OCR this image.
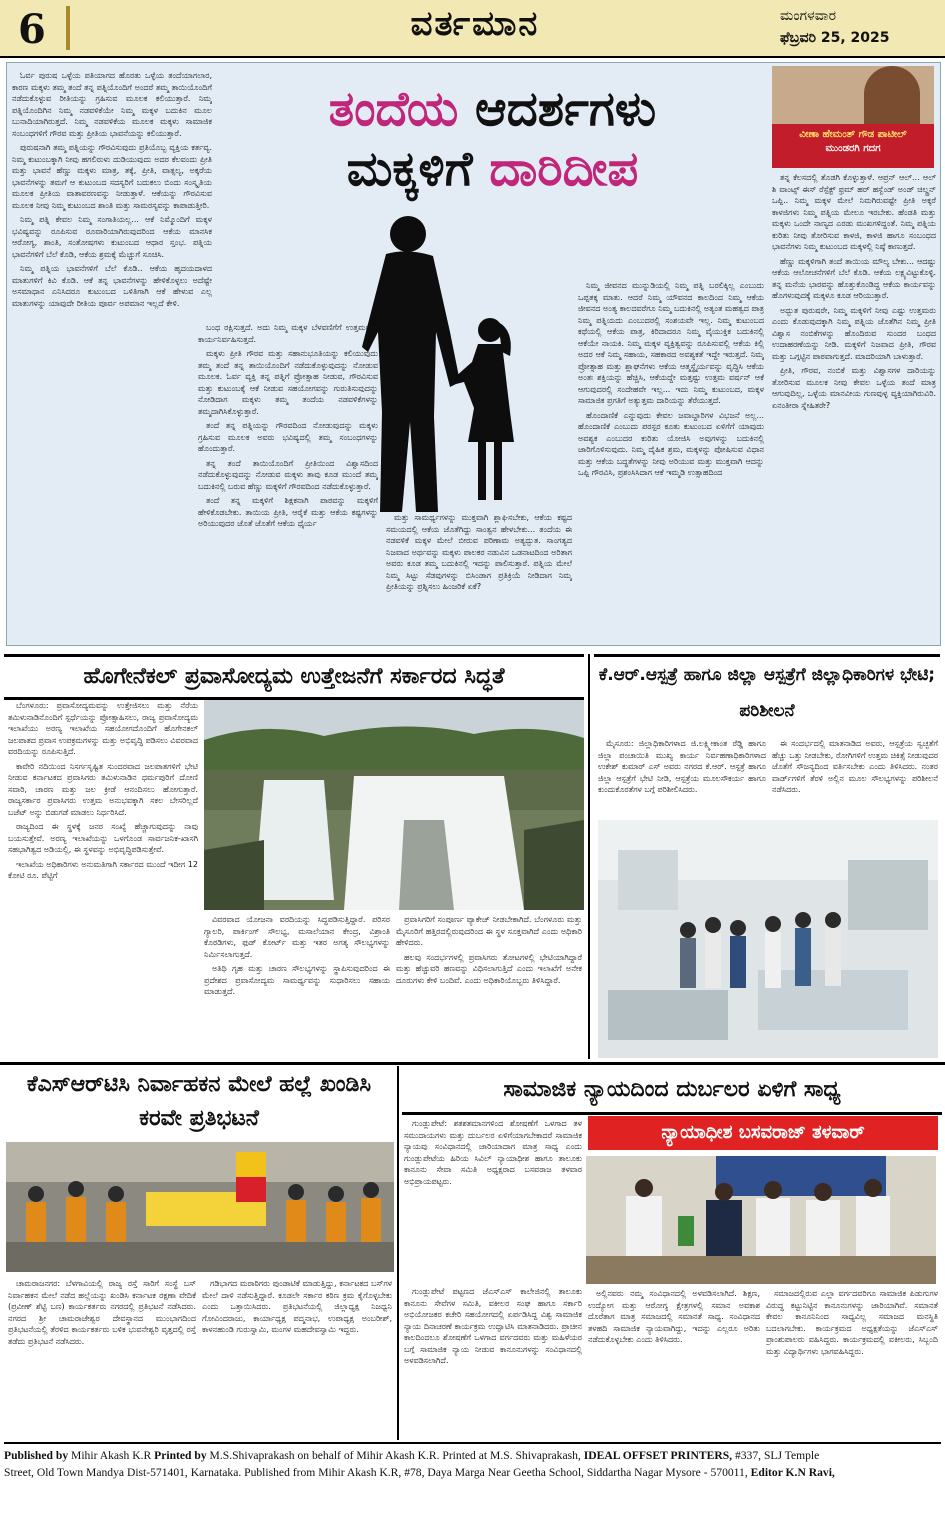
6	ವರ್ತಮಾನ	ಮಂಗಳವಾರ
ಫೆಬ್ರವರಿ 25, 2025
ತಂದೆಯ ಆದರ್ಶಗಳು
ಮಕ್ಕಳಿಗೆ ದಾರಿದೀಪ
ವೀಣಾ ಹೇಮಂತ್ ಗೌಡ ಪಾಟೀಲ್
ಮುಂಡರಗಿ ಗದಗ

ಓರ್ವ ಪುರುಷ ಒಳ್ಳೆಯ ಪತಿಯಾಗದ ಹೊರತು ಒಳ್ಳೆಯ ತಂದೆಯಾಗಲಾರ, ಕಾರಣ ಮಕ್ಕಳು ತಮ್ಮ ತಂದೆ ತನ್ನ ಪತ್ನಿಯೊಂದಿಗೆ ಅಂದರೆ ತಮ್ಮ ತಾಯಿಯೊಂದಿಗೆ ನಡೆದುಕೊಳ್ಳುವ ರೀತಿಯನ್ನು ಗ್ರಹಿಸುವ ಮೂಲಕ ಕಲಿಯುತ್ತಾರೆ. ನಿಮ್ಮ ಪತ್ನಿಯೊಂದಿಗಿನ ನಿಮ್ಮ ನಡವಳಿಕೆಯೇ ನಿಮ್ಮ ಮಕ್ಕಳ ಬದುಕಿನ ಮೂಲ ಬುನಾದಿಯಾಗಿರುತ್ತದೆ. ನಿಮ್ಮ ನಡವಳಿಕೆಯ ಮೂಲಕ ಮಕ್ಕಳು ಸಾಮಾಜಿಕ ಸಂಬಂಧಗಳಿಗೆ ಗೌರವ ಮತ್ತು ಪ್ರೀತಿಯ ಭಾವನೆಯನ್ನು ಕಲಿಯುತ್ತಾರೆ.

ಪುರುಷನಾಗಿ ತಮ್ಮ ಪತ್ನಿಯನ್ನು ಗೌರವಿಸುವುದು ಪ್ರತಿಯೊಬ್ಬ ವ್ಯಕ್ತಿಯ ಕರ್ತವ್ಯ. ನಿಮ್ಮ ಕುಟುಂಬಕ್ಕಾಗಿ ನೀವು ಹಗಲಿರುಳು ದುಡಿಯುವುದು ಅದರ ಕೆಲವಂದು ಪ್ರೀತಿ ಮತ್ತು ಭಾವನೆ ಹೆಣ್ಣು ಮಕ್ಕಳು ಮಾತ್ರ, ತಕ್ಕೆ, ಪ್ರೀತಿ, ವಾತ್ಸಲ್ಯ, ಅಕ್ಕರೆಯ ಭಾವನೆಗಳನ್ನು ತಮಗೆ ಆ ಕುಟುಂಬದ ಸದಸ್ಯರಿಗೆ ಬದುಕಲು ಬಿಂದು ಸಂಸ್ಕೃತಿಯ ಮೂಲಕ ಪ್ರೀತಿಯ ವಾತಾವರಣವನ್ನು ನೀಡುತ್ತಾಳೆ. ಆಕೆಯನ್ನು ಗೌರವಿಸುವ ಮೂಲಕ ನೀವು ನಿಮ್ಮ ಕುಟುಂಬದ ಶಾಂತಿ ಮತ್ತು ಸಾಮರಸ್ಯವನ್ನು ಕಾಪಾಡುತ್ತೀರಿ.

ನಿಮ್ಮ ಪತ್ನಿ ಕೇವಲ ನಿಮ್ಮ ಸಂಗಾತಿಯಲ್ಲ... ಆಕೆ ನಿಮ್ಮೊಂದಿಗೆ ಮಕ್ಕಳ ಭವಿಷ್ಯವನ್ನು ರೂಪಿಸುವ ರೂವಾರಿಯಾಗಿರುವುದರಿಂದ ಆಕೆಯ ಮಾನಸಿಕ ಆರೋಗ್ಯ, ಶಾಂತಿ, ಸಂತೋಷಗಳು ಕುಟುಂಬದ ಆಧಾರ ಸ್ತಂಭ. ಪತ್ನಿಯ ಭಾವನೆಗಳಿಗೆ ಬೆಲೆ ಕೊಡಿ, ಆಕೆಯ ಶ್ರಮಕ್ಕೆ ಮೆಚ್ಚುಗೆ ಸೂಚಿಸಿ.

ನಿಮ್ಮ ಪತ್ನಿಯ ಭಾವನೆಗಳಿಗೆ ಬೆಲೆ ಕೊಡಿ.. ಆಕೆಯ ಹೃದಯದಾಳದ ಮಾತುಗಳಿಗೆ ಕಿವಿ ಕೊಡಿ. ಆಕೆ ತನ್ನ ಭಾವನೆಗಳನ್ನು ಹೇಳಿಕೊಳ್ಳಲು ಅದೆಷ್ಟೇ ಅಸಮಾಧಾನ ಎನಿಸಿದರೂ ಕುಟುಂಬದ ಒಳಿತಿಗಾಗಿ ಆಕೆ ಹೇಳುವ ಎಲ್ಲ ಮಾತುಗಳನ್ನು ಯಾವುದೇ ರೀತಿಯ ಪೂರ್ವ ಅಪಮಾನ ಇಲ್ಲದೆ ಕೇಳಿ.

ಬಂಧ ರಕ್ಷಿಸುತ್ತದೆ. ಅದು ನಿಮ್ಮ ಮಕ್ಕಳ ಬೆಳವಣಿಗೆಗೆ ಉತ್ತಮವಾಗಿ ಕಾರ್ಯನಿರ್ವಹಿಸುತ್ತದೆ.

ಮಕ್ಕಳು ಪ್ರೀತಿ ಗೌರವ ಮತ್ತು ಸಹಾನುಭೂತಿಯನ್ನು ಕಲಿಯುವುದು ತಮ್ಮ ತಂದೆ ತನ್ನ ತಾಯಿಯೊಂದಿಗೆ ನಡೆದುಕೊಳ್ಳುವುದನ್ನು ನೋಡುವ ಮೂಲಕ. ಓರ್ವ ವ್ಯಕ್ತಿ ತನ್ನ ಪತ್ನಿಗೆ ಪ್ರೋತ್ಸಾಹ ನೀಡುವ, ಗೌರವಿಸುವ ಮತ್ತು ಕುಟುಂಬಕ್ಕೆ ಆಕೆ ನೀಡುವ ಸಹಯೋಗವನ್ನು ಗುರುತಿಸುವುದನ್ನು ನೋಡಿದಾಗ ಮಕ್ಕಳು ತಮ್ಮ ತಂದೆಯ ನಡವಳಿಕೆಗಳನ್ನು ತಮ್ಮದಾಗಿಸಿಕೊಳ್ಳುತ್ತಾರೆ.

ತಂದೆ ತನ್ನ ಪತ್ನಿಯನ್ನು ಗೌರವದಿಂದ ನೋಡುವುದನ್ನು ಮಕ್ಕಳು ಗ್ರಹಿಸುವ ಮೂಲಕ ಅವರು ಭವಿಷ್ಯದಲ್ಲಿ ತಮ್ಮ ಸಂಬಂಧಗಳನ್ನು ಹೊಂದುತ್ತಾರೆ.

ತನ್ನ ತಂದೆ ತಾಯಿಯೊಂದಿಗೆ ಪ್ರೀತಿಯಿಂದ ವಿಶ್ವಾಸದಿಂದ ನಡೆದುಕೊಳ್ಳುವುದನ್ನು ನೋಡುವ ಮಕ್ಕಳು ತಾವು ಕೂಡ ಮುಂದೆ ತಮ್ಮ ಬದುಕಿನಲ್ಲಿ ಬರುವ ಹೆಣ್ಣು ಮಕ್ಕಳಿಗೆ ಗೌರವದಿಂದ ನಡೆದುಕೊಳ್ಳುತ್ತಾರೆ.

ತಂದೆ ತನ್ನ ಮಕ್ಕಳಿಗೆ ಶಿಕ್ಷಕನಾಗಿ ಪಾಠವನ್ನು ಮಕ್ಕಳಿಗೆ ಹೇಳಿಕೊಡಬೇಕು. ತಾಯಿಯ ಪ್ರೀತಿ, ಆರೈಕೆ ಮತ್ತು ಆಕೆಯ ಕಷ್ಟಗಳನ್ನು ಅರಿಯುವುದರ ಜೊತೆ ಜೊತೆಗೆ ಆಕೆಯ ಧೈರ್ಯ

ಮತ್ತು ಸಾಮರ್ಥ್ಯಗಳನ್ನು ಮುಕ್ತವಾಗಿ ಶ್ಲಾಘಿಸಬೇಕು, ಆಕೆಯ ಕಷ್ಟದ ಸಮಯದಲ್ಲಿ ಆಕೆಯ ಜೊತೆಗಿದ್ದು ಸಾಂತ್ವನ ಹೇಳಬೇಕು... ತಂದೆಯ ಈ ನಡವಳಿಕೆ ಮಕ್ಕಳ ಮೇಲೆ ಬೀರುವ ಪರಿಣಾಮ ಅತ್ಯದ್ಭುತ. ಸಾಂಗತ್ಯದ ನಿಜವಾದ ಅರ್ಥವನ್ನು ಮಕ್ಕಳು ಪಾಲಕರ ನಡುವಿನ ಒಡನಾಟದಿಂದ ಅರಿತಾಗ ಅವರು ಕೂಡ ತಮ್ಮ ಬದುಕಿನಲ್ಲಿ ಇದನ್ನು ಪಾಲಿಸುತ್ತಾರೆ. ಪತ್ನಿಯ ಮೇಲೆ ನಿಮ್ಮ ಸಿಟ್ಟು ಸೆಡವುಗಳನ್ನು ಬಿಸಿಂಡಾಗ ಪ್ರತಿಕ್ರಿಯೆ ನೀಡಿದಾಗ ನಿಮ್ಮ ಪ್ರೀತಿಯನ್ನು ಪ್ರಶ್ನಿಸಲು ಹಿಂಜರಿಕೆ ಏಕೆ?

ನಿಮ್ಮ ಜೀವನದ ಮುನ್ನುಡಿಯಲ್ಲಿ ನಿಮ್ಮ ಪತ್ನಿ ಬರಲಿಕ್ಕಿಲ್ಲ ಎಂಬುದು ಒಪ್ಪತಕ್ಕ ಮಾತು. ಆದರೆ ನಿಮ್ಮ ಯೌವನದ ಕಾಲದಿಂದ ನಿಮ್ಮ ಆಕೆಯ ಜೀವನದ ಅಂತ್ಯ ಕಾಲದವರೆಗೂ ನಿಮ್ಮ ಬದುಕಿನಲ್ಲಿ ಅತ್ಯಂತ ಮಹತ್ವದ ಪಾತ್ರ ನಿಮ್ಮ ಪತ್ನಿಯದು ಎಂಬುದರಲ್ಲಿ ಸಂಶಯವೇ ಇಲ್ಲ. ನಿಮ್ಮ ಕುಟುಂಬದ ಕಥೆಯಲ್ಲಿ ಆಕೆಯ ಪಾತ್ರ, ಕಿರಿದಾದರೂ ನಿಮ್ಮ ವೈಯುಕ್ತಿಕ ಬದುಕಿನಲ್ಲಿ ಆಕೆಯೇ ನಾಯಕಿ. ನಿಮ್ಮ ಮಕ್ಕಳ ವ್ಯಕ್ತಿತ್ವವನ್ನು ರೂಪಿಸುವಲ್ಲಿ ಆಕೆಯ ಕಿಲ್ಲಿ ಅದರ ಆಕೆ ನಿಮ್ಮ ಸಹಾಯ, ಸಹಕಾರದ ಅವಶ್ಯಕತೆ ಇದ್ದೇ ಇರುತ್ತದೆ. ನಿಮ್ಮ ಪ್ರೋತ್ಸಾಹ ಮತ್ತು ಶ್ಲಾಘನೆಗಳು ಆಕೆಯ ಆತ್ಮಸ್ಥೈರ್ಯವನ್ನು ವೃದ್ಧಿಸಿ ಆಕೆಯ ಅಂತಃ ಶಕ್ತಿಯನ್ನು ಹೆಚ್ಚಿಸಿ, ಆಕೆಯದ್ದೇ ಮತ್ತಷ್ಟು ಉತ್ತಮ ವರ್ಷನ್ ಆಕೆ ಆಗುವುದರಲ್ಲಿ ಸಂದೇಹವೇ ಇಲ್ಲ... ಇದು ನಿಮ್ಮ ಕುಟುಂಬದ, ಮಕ್ಕಳ ಸಾಮಾಜಿಕ ಪ್ರಗತಿಗೆ ಅತ್ಯುತ್ತಮ ದಾರಿಯನ್ನು ತೆರೆಯುತ್ತದೆ.

ಹೊಂದಾಣಿಕೆ ಎನ್ನುವುದು ಕೇವಲ ಜವಾಬ್ದಾರಿಗಳ ವಿಭಜನೆ ಅಲ್ಲ... ಹೊಂದಾಣಿಕೆ ಎಂಬುದು ಪರಸ್ಪರ ಕೂತು ಕುಟುಂಬದ ಏಳಿಗೆಗೆ ಯಾವುದು ಅವಶ್ಯಕ ಎಂಬುದರ ಕುರಿತು ಯೋಜಿಸಿ ಅವುಗಳನ್ನು ಬದುಕಿನಲ್ಲಿ ಜಾರಿಗೊಳಿಸುವುದು. ನಿಮ್ಮ ದೈಹಿಕ ಶ್ರಮ, ಮಕ್ಕಳನ್ನು ಪೋಷಿಸುವ ವಿಧಾನ ಮತ್ತು ಆಕೆಯ ಬದ್ಧತೆಗಳನ್ನು ನೀವು ಅರಿಯುವ ಮತ್ತು ಮುಕ್ತವಾಗಿ ಆದನ್ನು ಒಪ್ಪಿ ಗೌರವಿಸಿ, ಪ್ರಶಂಸಿಸಿದಾಗ ಆಕೆ ಇಮ್ಮಡಿ ಉತ್ಸಾಹದಿಂದ

ತನ್ನ ಕೆಲಸದಲ್ಲಿ ತೊಡಗಿ ಕೊಳ್ಳುತ್ತಾಳೆ. ಆಪ್ರನ್ ಆಲ್... ಆಲ್ ಶಿ ವಾಂಟ್ಸ್ ಈಸ್ ರೆಸ್ಪೆಕ್ಟ್ ಫ್ರಮ್ ಹರ್ ಹಸ್ಬೆಂಡ್ ಅಂಡ್ ಚಿಲ್ಡ್ರನ್ ಒಪ್ಪಿ.. ನಿಮ್ಮ ಮಕ್ಕಳ ಮೇಲೆ ನಿಮಗಿರುವಷ್ಟೇ ಪ್ರೀತಿ ಅಕ್ಕರೆ ಕಾಳಜಿಗಳು ನಿಮ್ಮ ಪತ್ನಿಯ ಮೇಲೂ ಇರಬೇಕು. ಹೆಂಡತಿ ಮತ್ತು ಮಕ್ಕಳು ಒಂದೇ ನಾಣ್ಯದ ಎರಡು ಮುಖಗಳಿದ್ದಂತೆ. ನಿಮ್ಮ ಪತ್ನಿಯ ಕುರಿತು ನೀವು ತೋರಿಸುವ ಕಾಳಜಿ, ಕಾಳಜಿ ಹಾಗೂ ಸಂಬಂಧದ ಭಾವನೆಗಳು ನಿಮ್ಮ ಕುಟುಂಬದ ಮಕ್ಕಳಲ್ಲಿ ನಿಷ್ಠೆ ಕಾಣುತ್ತದೆ.

ಹೆಣ್ಣು ಮಕ್ಕಳಿಗಾಗಿ ತಂದೆ ತಾಯಿಯ ಮೌಲ್ಯ ಬೇಕು... ಆದಷ್ಟು ಆಕೆಯ ಆಲೋಚನೆಗಳಿಗೆ ಬೆಲೆ ಕೊಡಿ. ಆಕೆಯ ಲಕ್ಷ್ಯವಿಟ್ಟುಕೊಳ್ಳಿ. ತನ್ನ ಮನೆಯ ಭಾರವನ್ನು ಹೊತ್ತುಕೊಂಡಿದ್ದ ಆಕೆಯ ಕಾರ್ಯವನ್ನು ಹೊಗಳುವುದಕ್ಕೆ ಮಕ್ಕಳೂ ಕೂಡ ಆರಿಯುತ್ತಾರೆ.

ಅದ್ಭುತ ಪುರುಷರೇ, ನಿಮ್ಮ ಮಕ್ಕಳಿಗೆ ನೀವು ಎಷ್ಟು ಉತ್ತಮರು ಎಂದು ಕೊಡುವುದಕ್ಕಾಗಿ ನಿಮ್ಮ ಪತ್ನಿಯ ಜೊತೆಗಿನ ನಿಮ್ಮ ಪ್ರೀತಿ ವಿಶ್ವಾಸ ನಂಬಿಕೆಗಳನ್ನು ಹೊಂದಿರುವ ಸುಂದರ ಬಂಧದ ಉದಾಹರಣೆಯನ್ನು ನೀಡಿ. ಮಕ್ಕಳಿಗೆ ನಿಜವಾದ ಪ್ರೀತಿ, ಗೌರವ ಮತ್ತು ಒಗ್ಗಟ್ಟಿನ ಪಾಠವಾಗುತ್ತದೆ. ಮಾದರಿಯಾಗಿ ಬಾಳುತ್ತಾರೆ.

ಪ್ರೀತಿ, ಗೌರವ, ನಂಬಿಕೆ ಮತ್ತು ವಿಶ್ವಾಸಗಳ ದಾರಿಯನ್ನು ತೋರಿಸುವ ಮೂಲಕ ನೀವು ಕೇವಲ ಒಳ್ಳೆಯ ತಂದೆ ಮಾತ್ರ ಆಗುವುದಿಲ್ಲ, ಒಳ್ಳೆಯ ಮಾನವೀಯ ಗುಣವುಳ್ಳ ವ್ಯಕ್ತಿಯಾಗಿರುವಿರಿ. ಏನಂತೀರಾ ಸ್ನೇಹಿತರೇ?

ಹೊಗೇನೆಕಲ್ ಪ್ರವಾಸೋದ್ಯಮ ಉತ್ತೇಜನೆಗೆ ಸರ್ಕಾರದ ಸಿದ್ಧತೆ

ಬೆಂಗಳೂರು: ಪ್ರವಾಸೋದ್ಯಮವನ್ನು ಉತ್ತೇಜಿಸಲು ಮತ್ತು ನೆರೆಯ ತಮಿಳುನಾಡಿನೊಂದಿಗೆ ಸ್ಪರ್ಧೆಯನ್ನು ಪ್ರೋತ್ಸಾಹಿಸಲು, ರಾಜ್ಯ ಪ್ರವಾಸೋದ್ಯಮ ಇಲಾಖೆಯು ಅರಣ್ಯ ಇಲಾಖೆಯ ಸಹಯೋಗದೊಂದಿಗೆ ಹೊಗೇನಕಲ್ ಜಲಪಾತದ ಪ್ರವಾಸ ಉಪಕ್ರಮಗಳನ್ನು ಮತ್ತು ಅಭಿವೃದ್ಧಿ ಪಡಿಸಲು ವಿವರವಾದ ವರದಿಯನ್ನು ರೂಪಿಸುತ್ತಿದೆ.

ಕಾವೇರಿ ನದಿಯಿಂದ ನಿಸರ್ಗಸೃಷ್ಟಿತ ಸುಂದರವಾದ ಜಲಪಾತಗಳಿಗೆ ಭೇಟಿ ನೀಡುವ ಕರ್ನಾಟಕದ ಪ್ರವಾಸಿಗರು ತಮಿಳುನಾಡಿನ ಧರ್ಮಪುರಿಗೆ ದೋಣಿ ಸವಾರಿ, ಚಾರಣ ಮತ್ತು ಜಲ ಕ್ರೀಡೆ ಆನಂದಿಸಲು ಹೋಗುತ್ತಾರೆ. ರಾಜ್ಯಸರ್ಕಾರ ಪ್ರವಾಸಿಗರು ಉತ್ತಮ ಅನುಭವಕ್ಕಾಗಿ ಸಕಲ ಬೇಸರಿಲ್ಲದೆ ಬಜೆಟ್ ಅನ್ನು ಬಿಡುಗಡೆ ಮಾಡಲು ನಿರ್ಧರಿಸಿದೆ.

ರಾಜ್ಯದಿಂದ ಈ ಸ್ಥಳಕ್ಕೆ ಜನರ ಸಂಖ್ಯೆ ಹೆಚ್ಚಾಗುವುದನ್ನು ನಾವು ಬಯಸುತ್ತೇವೆ. ಅರಣ್ಯ ಇಲಾಖೆಯನ್ನು ಒಳಗೊಂಡ ಸಾರ್ವಜನಿಕ-ಖಾಸಗಿ ಸಹಭಾಗಿತ್ವದ ಅಡಿಯಲ್ಲಿ, ಈ ಸ್ಥಳವನ್ನು ಅಭಿವೃದ್ಧಿಪಡಿಸುತ್ತೇವೆ.

ಇಲಾಖೆಯ ಅಧಿಕಾರಿಗಳು ಅನುಮತಿಗಾಗಿ ಸರ್ಕಾರದ ಮುಂದೆ ಇದೀಗ 12 ಕೋಟಿ ರೂ. ಪೆಟ್ಟಿಗೆ

ವಿವರವಾದ ಯೋಜನಾ ವರದಿಯನ್ನು ಸಿದ್ಧಪಡಿಸುತ್ತಿದ್ದಾರೆ. ಪರಿಸರ ಗ್ಯಾಲರಿ, ಪಾರ್ಕಿಂಗ್ ಸೌಲಭ್ಯ, ಮಸಾಲೆಯಾನ ಕೇಂದ್ರ, ವಿಶ್ರಾಂತಿ ಕೊಠಡಿಗಳು, ಫುಡ್ ಕೋರ್ಟ್ ಮತ್ತು ಇತರ ಅಗತ್ಯ ಸೌಲಭ್ಯಗಳನ್ನು ನಿರ್ಮಿಸಲಾಗುತ್ತದೆ.

ಅತಿಥಿ ಗೃಹ ಮತ್ತು ಚಾರಣ ಸೌಲಭ್ಯಗಳನ್ನು ಸ್ಥಾಪಿಸುವುದರಿಂದ ಈ ಪ್ರದೇಶದ ಪ್ರವಾಸೋದ್ಯಮ ಸಾಮರ್ಥ್ಯವನ್ನು ಸುಧಾರಿಸಲು ಸಹಾಯ ಮಾಡುತ್ತದೆ.

ಪ್ರವಾಸಿಗರಿಗೆ ಸಂಪೂರ್ಣ ಪ್ಯಾಕೇಜ್ ನೀಡಬೇಕಾಗಿದೆ. ಬೆಂಗಳೂರು ಮತ್ತು ಮೈಸೂರಿಗೆ ಹತ್ತಿರದಲ್ಲಿರುವುದರಿಂದ ಈ ಸ್ಥಳ ಸೂಕ್ತವಾಗಿದೆ ಎಂದು ಅಧಿಕಾರಿ ಹೇಳಿದರು.

ಹಲವು ಸಂದರ್ಭಗಳಲ್ಲಿ ಪ್ರವಾಸಿಗರು ತೋಟಗಳಲ್ಲಿ ಭೇಟಿಯಾಗಿದ್ದಾರೆ ಮತ್ತು ಹೆಚ್ಚುವರಿ ಹಣವನ್ನು ವಿಧಿಸಲಾಗುತ್ತಿದೆ ಎಂದು ಇಲಾಖೆಗೆ ಅನೇಕ ದೂರುಗಳು ಕೇಳಿ ಬಂದಿವೆ. ಎಂದು ಅಧಿಕಾರಿಯೊಬ್ಬರು ತಿಳಿಸಿದ್ದಾರೆ.

ಕೆ.ಆರ್.ಆಸ್ಪತ್ರೆ ಹಾಗೂ ಜಿಲ್ಲಾ ಆಸ್ಪತ್ರೆಗೆ ಜಿಲ್ಲಾಧಿಕಾರಿಗಳ ಭೇಟಿ; ಪರಿಶೀಲನೆ

ಮೈಸೂರು: ಜಿಲ್ಲಾಧಿಕಾರಿಗಳಾದ ಜಿ.ಲಕ್ಷ್ಮೀಕಾಂತ ರೆಡ್ಡಿ ಹಾಗೂ ಜಿಲ್ಲಾ ಪಂಚಾಯಿತಿ ಮುಖ್ಯ ಕಾರ್ಯ ನಿರ್ವಹಣಾಧಿಕಾರಿಗಳಾದ ಉಕೇಶ್ ಕುಮಾರ್ ಎಸ್ ಅವರು ನಗರದ ಕೆ.ಆರ್. ಆಸ್ಪತ್ರೆ ಹಾಗೂ ಜಿಲ್ಲಾ ಆಸ್ಪತ್ರೆಗೆ ಭೇಟಿ ನೀಡಿ, ಆಸ್ಪತ್ರೆಯ ಮೂಲಸೌಕರ್ಯ ಹಾಗೂ ಕುಂದುಕೊರತೆಗಳ ಬಗ್ಗೆ ಪರಿಶೀಲಿಸಿದರು.

ಈ ಸಂದರ್ಭದಲ್ಲಿ ಮಾತನಾಡಿದ ಅವರು, ಆಸ್ಪತ್ರೆಯ ಸ್ವಚ್ಛತೆಗೆ ಹೆಚ್ಚು ಒತ್ತು ನೀಡಬೇಕು, ರೋಗಿಗಳಿಗೆ ಉತ್ತಮ ಚಿಕಿತ್ಸೆ ನೀಡುವುದರ ಜೊತೆಗೆ ಸೌಜನ್ಯದಿಂದ ವರ್ತಿಸಬೇಕು ಎಂದು ತಿಳಿಸಿದರು. ನಂತರ ವಾರ್ಡ್‌ಗಳಿಗೆ ತೆರಳಿ ಅಲ್ಲಿನ ಮೂಲ ಸೌಲಭ್ಯಗಳನ್ನು ಪರಿಶೀಲನೆ ನಡೆಸಿದರು.

ಕೆಎಸ್‌ಆರ್‌ಟಿಸಿ ನಿರ್ವಾಹಕನ ಮೇಲೆ ಹಲ್ಲೆ ಖಂಡಿಸಿ ಕರವೇ ಪ್ರತಿಭಟನೆ

ಚಾಮರಾಜನಗರ: ಬೆಳಗಾವಿಯಲ್ಲಿ ರಾಜ್ಯ ರಸ್ತೆ ಸಾರಿಗೆ ಸಂಸ್ಥೆ ಬಸ್ ನಿರ್ವಾಹಕನ ಮೇಲೆ ನಡೆದ ಹಲ್ಲೆಯನ್ನು ಖಂಡಿಸಿ ಕರ್ನಾಟಕ ರಕ್ಷಣಾ ವೇದಿಕೆ (ಪ್ರವೀಣ್ ಶೆಟ್ಟಿ ಬಣ) ಕಾರ್ಯಕರ್ತರು ನಗರದಲ್ಲಿ ಪ್ರತಿಭಟನೆ ನಡೆಸಿದರು. ನಗರದ ಶ್ರೀ ಚಾಮರಾಜೇಶ್ವರ ದೇವಸ್ಥಾನದ ಮುಂಭಾಗದಿಂದ ಪ್ರತಿಭಟನೆಯಲ್ಲಿ ತೆರಳಿದ ಕಾರ್ಯಕರ್ತರು ಬಳಿಕ ಭುವನೇಶ್ವರಿ ವೃತ್ತದಲ್ಲಿ ರಸ್ತೆ ತಡೆದು ಪ್ರತಿಭಟನೆ ನಡೆಸಿದರು.

ಗಡಿಭಾಗದ ಮರಾಠಿಗರು ಪುಂಡಾಟಿಕೆ ಮಾಡುತ್ತಿದ್ದು, ಕರ್ನಾಟಕದ ಬಸ್‌ಗಳ ಮೇಲೆ ದಾಳಿ ನಡೆಸುತ್ತಿದ್ದಾರೆ. ಕೂಡಲೇ ಸರ್ಕಾರ ಕಠಿಣ ಕ್ರಮ ಕೈಗೊಳ್ಳಬೇಕು ಎಂದು ಒತ್ತಾಯಿಸಿದರು. ಪ್ರತಿಭಟನೆಯಲ್ಲಿ ಜಿಲ್ಲಾಧ್ಯಕ್ಷ ನಿಜಧ್ವನಿ ಗೋವಿಂದರಾಜು, ಕಾರ್ಯಾಧ್ಯಕ್ಷ ಪದ್ಮನಾಭ, ಉಪಾಧ್ಯಕ್ಷ ಅಂಬರೀಶ್, ಕಾಳನಹುಂಡಿ ಗುರುಸ್ವಾಮಿ, ಮಂಗಳ ಮಹದೇವಸ್ವಾಮಿ ಇದ್ದರು.

ಸಾಮಾಜಿಕ ನ್ಯಾಯದಿಂದ ದುರ್ಬಲರ ಏಳಿಗೆ ಸಾಧ್ಯ
ನ್ಯಾಯಾಧೀಶ ಬಸವರಾಜ್ ತಳವಾರ್

ಗುಂಡ್ಲುಪೇಟೆ: ಶತಶತಮಾನಗಳಿಂದ ಶೋಷಣೆಗೆ ಒಳಗಾದ ತಳ ಸಮುದಾಯಗಳು ಮತ್ತು ದುರ್ಬಲರ ಏಳಿಗೆಯಾಗಬೇಕಾದರೆ ಸಾಮಾಜಿಕ ನ್ಯಾಯವು ಸಂವಿಧಾನದಲ್ಲಿ ಜಾರಿಯಾದಾಗ ಮಾತ್ರ ಸಾಧ್ಯ ಎಂದು ಗುಂಡ್ಲುಪೇಟೆಯ ಹಿರಿಯ ಸಿವಿಲ್ ನ್ಯಾಯಾಧೀಶ ಹಾಗೂ ತಾಲೂಕು ಕಾನೂನು ಸೇವಾ ಸಮಿತಿ ಅಧ್ಯಕ್ಷರಾದ ಬಸವರಾಜ ತಳವಾರ ಅಭಿಪ್ರಾಯಪಟ್ಟರು.

ಗುಂಡ್ಲುಪೇಟೆ ಪಟ್ಟಣದ ಜೆಎಸ್‌ಎಸ್ ಕಾಲೇಜಿನಲ್ಲಿ ತಾಲೂಕು ಕಾನೂನು ಸೇವೆಗಳ ಸಮಿತಿ, ವಕೀಲರ ಸಂಘ ಹಾಗೂ ಸರ್ಕಾರಿ ಅಭಿಯೋಜಕರ ಕಚೇರಿ ಸಹಯೋಗದಲ್ಲಿ ಏರ್ಪಡಿಸಿದ್ದ ವಿಶ್ವ ಸಾಮಾಜಿಕ ನ್ಯಾಯ ದಿನಾಚರಣೆ ಕಾರ್ಯಕ್ರಮ ಉದ್ಘಾಟಿಸಿ ಮಾತನಾಡಿದರು. ಪ್ರಾಚೀನ ಕಾಲದಿಂದಲೂ ಶೋಷಣೆಗೆ ಒಳಗಾದ ವರ್ಗದವರು ಮತ್ತು ಮಹಿಳೆಯರ ಬಗ್ಗೆ ಸಾಮಾಜಿಕ ನ್ಯಾಯ ನೀಡುವ ಕಾನೂನುಗಳನ್ನು ಸಂವಿಧಾನದಲ್ಲಿ ಅಳವಡಿಸಲಾಗಿದೆ.

ಅಲ್ಲಿನವರು ನಮ್ಮ ಸಂವಿಧಾನದಲ್ಲಿ ಅಳವಡಿಸಲಾಗಿದೆ. ಶಿಕ್ಷಣ, ಉದ್ಯೋಗ ಮತ್ತು ಆರೋಗ್ಯ ಕ್ಷೇತ್ರಗಳಲ್ಲಿ ಸಮಾನ ಅವಕಾಶ ದೊರೆತಾಗ ಮಾತ್ರ ಸಮಾಜದಲ್ಲಿ ಸಮಾನತೆ ಸಾಧ್ಯ. ಸಂವಿಧಾನದ ತಳಹದಿ ಸಾಮಾಜಿಕ ನ್ಯಾಯವಾಗಿದ್ದು, ಇದನ್ನು ಎಲ್ಲರೂ ಅರಿತು ನಡೆದುಕೊಳ್ಳಬೇಕು ಎಂದು ತಿಳಿಸಿದರು.

ಸಮಾಜದಲ್ಲಿರುವ ಎಲ್ಲಾ ವರ್ಗದವರಿಗೂ ಸಾಮಾಜಿಕ ಪಿಡುಗುಗಳ ವಿರುದ್ಧ ಕಟ್ಟುನಿಟ್ಟಿನ ಕಾನೂನುಗಳನ್ನು ಜಾರಿಯಾಗಿವೆ. ಸಮಾನತೆ ಕೇವಲ ಕಾನೂನಿನಿಂದ ಸಾಧ್ಯವಿಲ್ಲ ಸಮಾಜದ ಮನಸ್ಥಿತಿ ಬದಲಾಗಬೇಕು. ಕಾರ್ಯಕ್ರಮದ ಅಧ್ಯಕ್ಷತೆಯನ್ನು ಜೆಎಸ್‌ಎಸ್ ಪ್ರಾಂಶುಪಾಲರು ವಹಿಸಿದ್ದರು. ಕಾರ್ಯಕ್ರಮದಲ್ಲಿ ವಕೀಲರು, ಸಿಬ್ಬಂದಿ ಮತ್ತು ವಿದ್ಯಾರ್ಥಿಗಳು ಭಾಗವಹಿಸಿದ್ದರು.

Published by Mihir Akash K.R Printed by M.S.Shivaprakash on behalf of Mihir Akash K.R. Printed at M.S. Shivaprakash, IDEAL OFFSET PRINTERS, #337, SLJ Temple
Street, Old Town Mandya Dist-571401, Karnataka. Published from Mihir Akash K.R, #78, Daya Marga Near Geetha School, Siddartha Nagar Mysore - 570011, Editor K.N Ravi,
